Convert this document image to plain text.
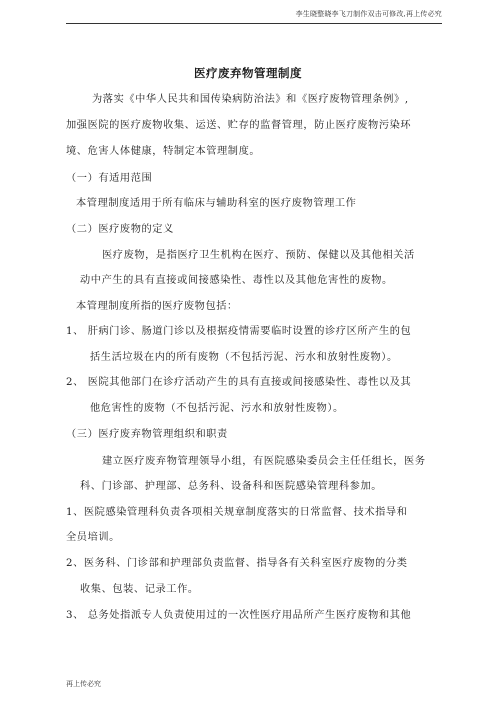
李生晓整晓李飞刀制作双击可修改,再上传必究
医疗废弃物管理制度
为落实《中华人民共和国传染病防治法》和《医疗废物管理条例》,
加强医院的医疗废物收集、运送、贮存的监督管理，防止医疗废物污染环
境、危害人体健康，特制定本管理制度。
（一）有适用范围
本管理制度适用于所有临床与辅助科室的医疗废物管理工作
（二）医疗废物的定义
医疗废物，是指医疗卫生机构在医疗、预防、保健以及其他相关活
动中产生的具有直接或间接感染性、毒性以及其他危害性的废物。
本管理制度所指的医疗废物包括：
1、 肝病门诊、肠道门诊以及根据疫情需要临时设置的诊疗区所产生的包
括生活垃圾在内的所有废物（不包括污泥、污水和放射性废物）。
2、 医院其他部门在诊疗活动产生的具有直接或间接感染性、毒性以及其
他危害性的废物（不包括污泥、污水和放射性废物）。
（三）医疗废弃物管理组织和职责
建立医疗废弃物管理领导小组，有医院感染委员会主任任组长，医务
科、门诊部、护理部、总务科、设备科和医院感染管理科参加。
1、医院感染管理科负责各项相关规章制度落实的日常监督、技术指导和
全员培训。
2、医务科、门诊部和护理部负责监督、指导各有关科室医疗废物的分类
收集、包装、记录工作。
3、 总务处指派专人负责使用过的一次性医疗用品所产生医疗废物和其他
再上传必究
